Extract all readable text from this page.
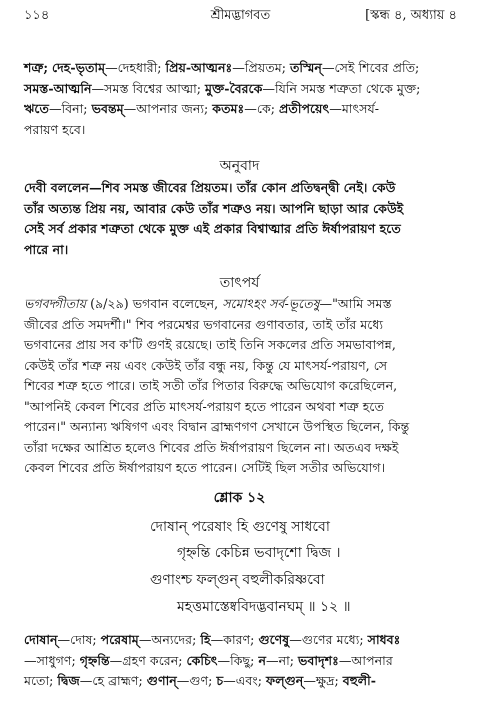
১১৪	শ্রীমদ্ভাগবত	[স্কন্ধ ৪, অধ্যায় ৪
শত্রু; দেহ-ভৃতাম্—দেহধারী; প্রিয়-আত্মনঃ—প্রিয়তম; তস্মিন্—সেই শিবের প্রতি;
সমস্ত-আত্মনি—সমস্ত বিশ্বের আত্মা; মুক্ত-বৈরকে—যিনি সমস্ত শত্রুতা থেকে মুক্ত;
ঋতে—বিনা; ভবন্তম্—আপনার জন্য; কতমঃ—কে; প্রতীপয়েৎ—মাৎসর্য-
পরায়ণ হবে।
অনুবাদ
দেবী বললেন—শিব সমস্ত জীবের প্রিয়তম। তাঁর কোন প্রতিদ্বন্দ্বী নেই। কেউ
তাঁর অত্যন্ত প্রিয় নয়, আবার কেউ তাঁর শত্রুও নয়। আপনি ছাড়া আর কেউই
সেই সর্ব প্রকার শত্রুতা থেকে মুক্ত এই প্রকার বিশ্বাত্মার প্রতি ঈর্ষাপরায়ণ হতে
পারে না।
তাৎপর্য
ভগবদ্গীতায় (৯/২৯) ভগবান বলেছেন, সমোঽহং সর্ব-ভূতেষু—"আমি সমস্ত
জীবের প্রতি সমদর্শী।" শিব পরমেশ্বর ভগবানের গুণাবতার, তাই তাঁর মধ্যে
ভগবানের প্রায় সব ক'টি গুণই রয়েছে। তাই তিনি সকলের প্রতি সমভাবাপন্ন,
কেউই তাঁর শত্রু নয় এবং কেউই তাঁর বন্ধু নয়, কিন্তু যে মাৎসর্য-পরায়ণ, সে
শিবের শত্রু হতে পারে। তাই সতী তাঁর পিতার বিরুদ্ধে অভিযোগ করেছিলেন,
"আপনিই কেবল শিবের প্রতি মাৎসর্য-পরায়ণ হতে পারেন অথবা শত্রু হতে
পারেন।" অন্যান্য ঋষিগণ এবং বিদ্বান ব্রাহ্মণগণ সেখানে উপস্থিত ছিলেন, কিন্তু
তাঁরা দক্ষের আশ্রিত হলেও শিবের প্রতি ঈর্ষাপরায়ণ ছিলেন না। অতএব দক্ষই
কেবল শিবের প্রতি ঈর্ষাপরায়ণ হতে পারেন। সেটিই ছিল সতীর অভিযোগ।
শ্লোক ১২
দোষান্ পরেষাং হি গুণেষু সাধবো
গৃহ্নন্তি কেচিন্ন ভবাদৃশো দ্বিজ ।
গুণাংশ্চ ফল্গুন্ বহুলীকরিষ্ণবো
মহত্তমাস্তেষ্ববিদদ্ভবানঘম্ ॥ ১২ ॥
দোষান্—দোষ; পরেষাম্—অন্যদের; হি—কারণ; গুণেষু—গুণের মধ্যে; সাধবঃ
—সাধুগণ; গৃহ্নন্তি—গ্রহণ করেন; কেচিৎ—কিছু; ন—না; ভবাদৃশঃ—আপনার
মতো; দ্বিজ—হে ব্রাহ্মণ; গুণান্—গুণ; চ—এবং; ফল্গুন্—ক্ষুদ্র; বহুলী-
